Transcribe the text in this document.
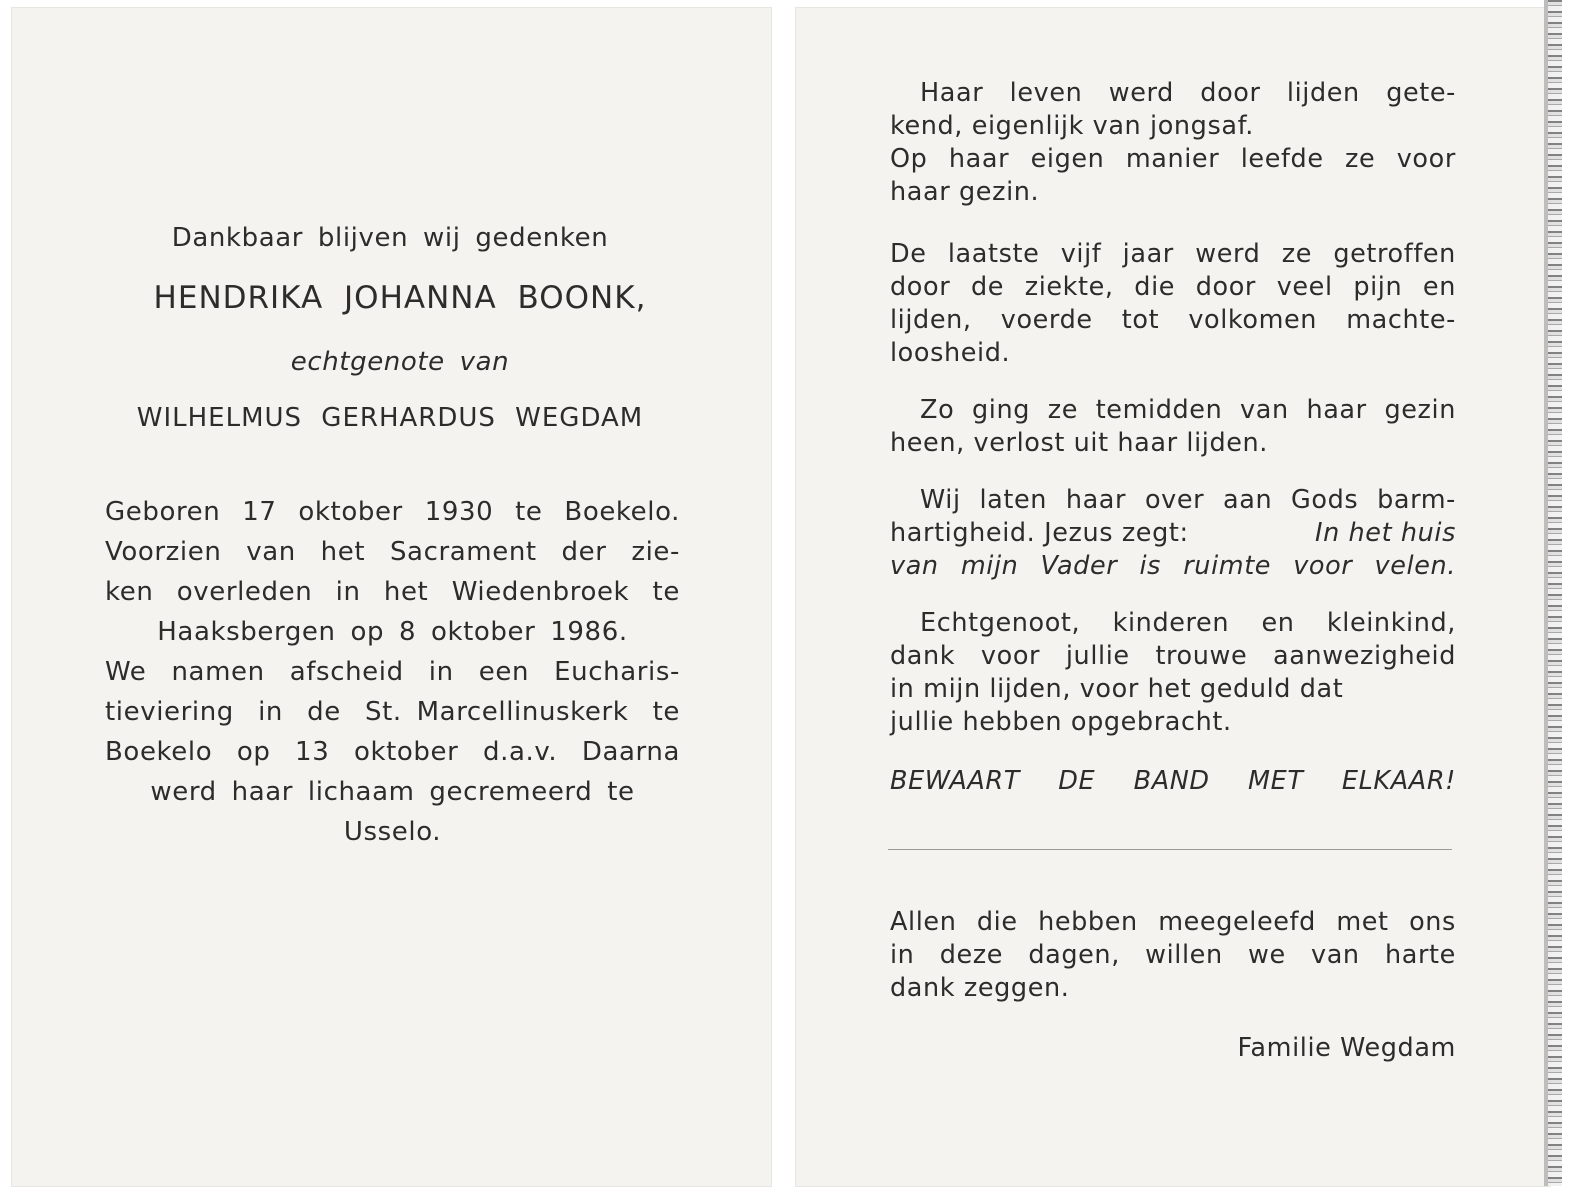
Dankbaar blijven wij gedenken

HENDRIKA JOHANNA BOONK,

echtgenote van

WILHELMUS GERHARDUS WEGDAM

Geboren 17 oktober 1930 te Boekelo.
Voorzien van het Sacrament der zie-
ken overleden in het Wiedenbroek te
Haaksbergen op 8 oktober 1986.
We namen afscheid in een Eucharis-
tieviering in de St. Marcellinuskerk te
Boekelo op 13 oktober d.a.v. Daarna
werd haar lichaam gecremeerd te
Usselo.
Haar leven werd door lijden gete-
kend, eigenlijk van jongsaf.
Op haar eigen manier leefde ze voor
haar gezin.
De laatste vijf jaar werd ze getroffen
door de ziekte, die door veel pijn en
lijden, voerde tot volkomen machte-
loosheid.
Zo ging ze temidden van haar gezin
heen, verlost uit haar lijden.
Wij laten haar over aan Gods barm-
hartigheid. Jezus zegt:	In het huis
van mijn Vader is ruimte voor velen.
Echtgenoot, kinderen en kleinkind,
dank voor jullie trouwe aanwezigheid
in mijn lijden, voor het geduld dat
jullie hebben opgebracht.
BEWAART DE BAND MET ELKAAR!
Allen die hebben meegeleefd met ons
in deze dagen, willen we van harte
dank zeggen.
Familie Wegdam
